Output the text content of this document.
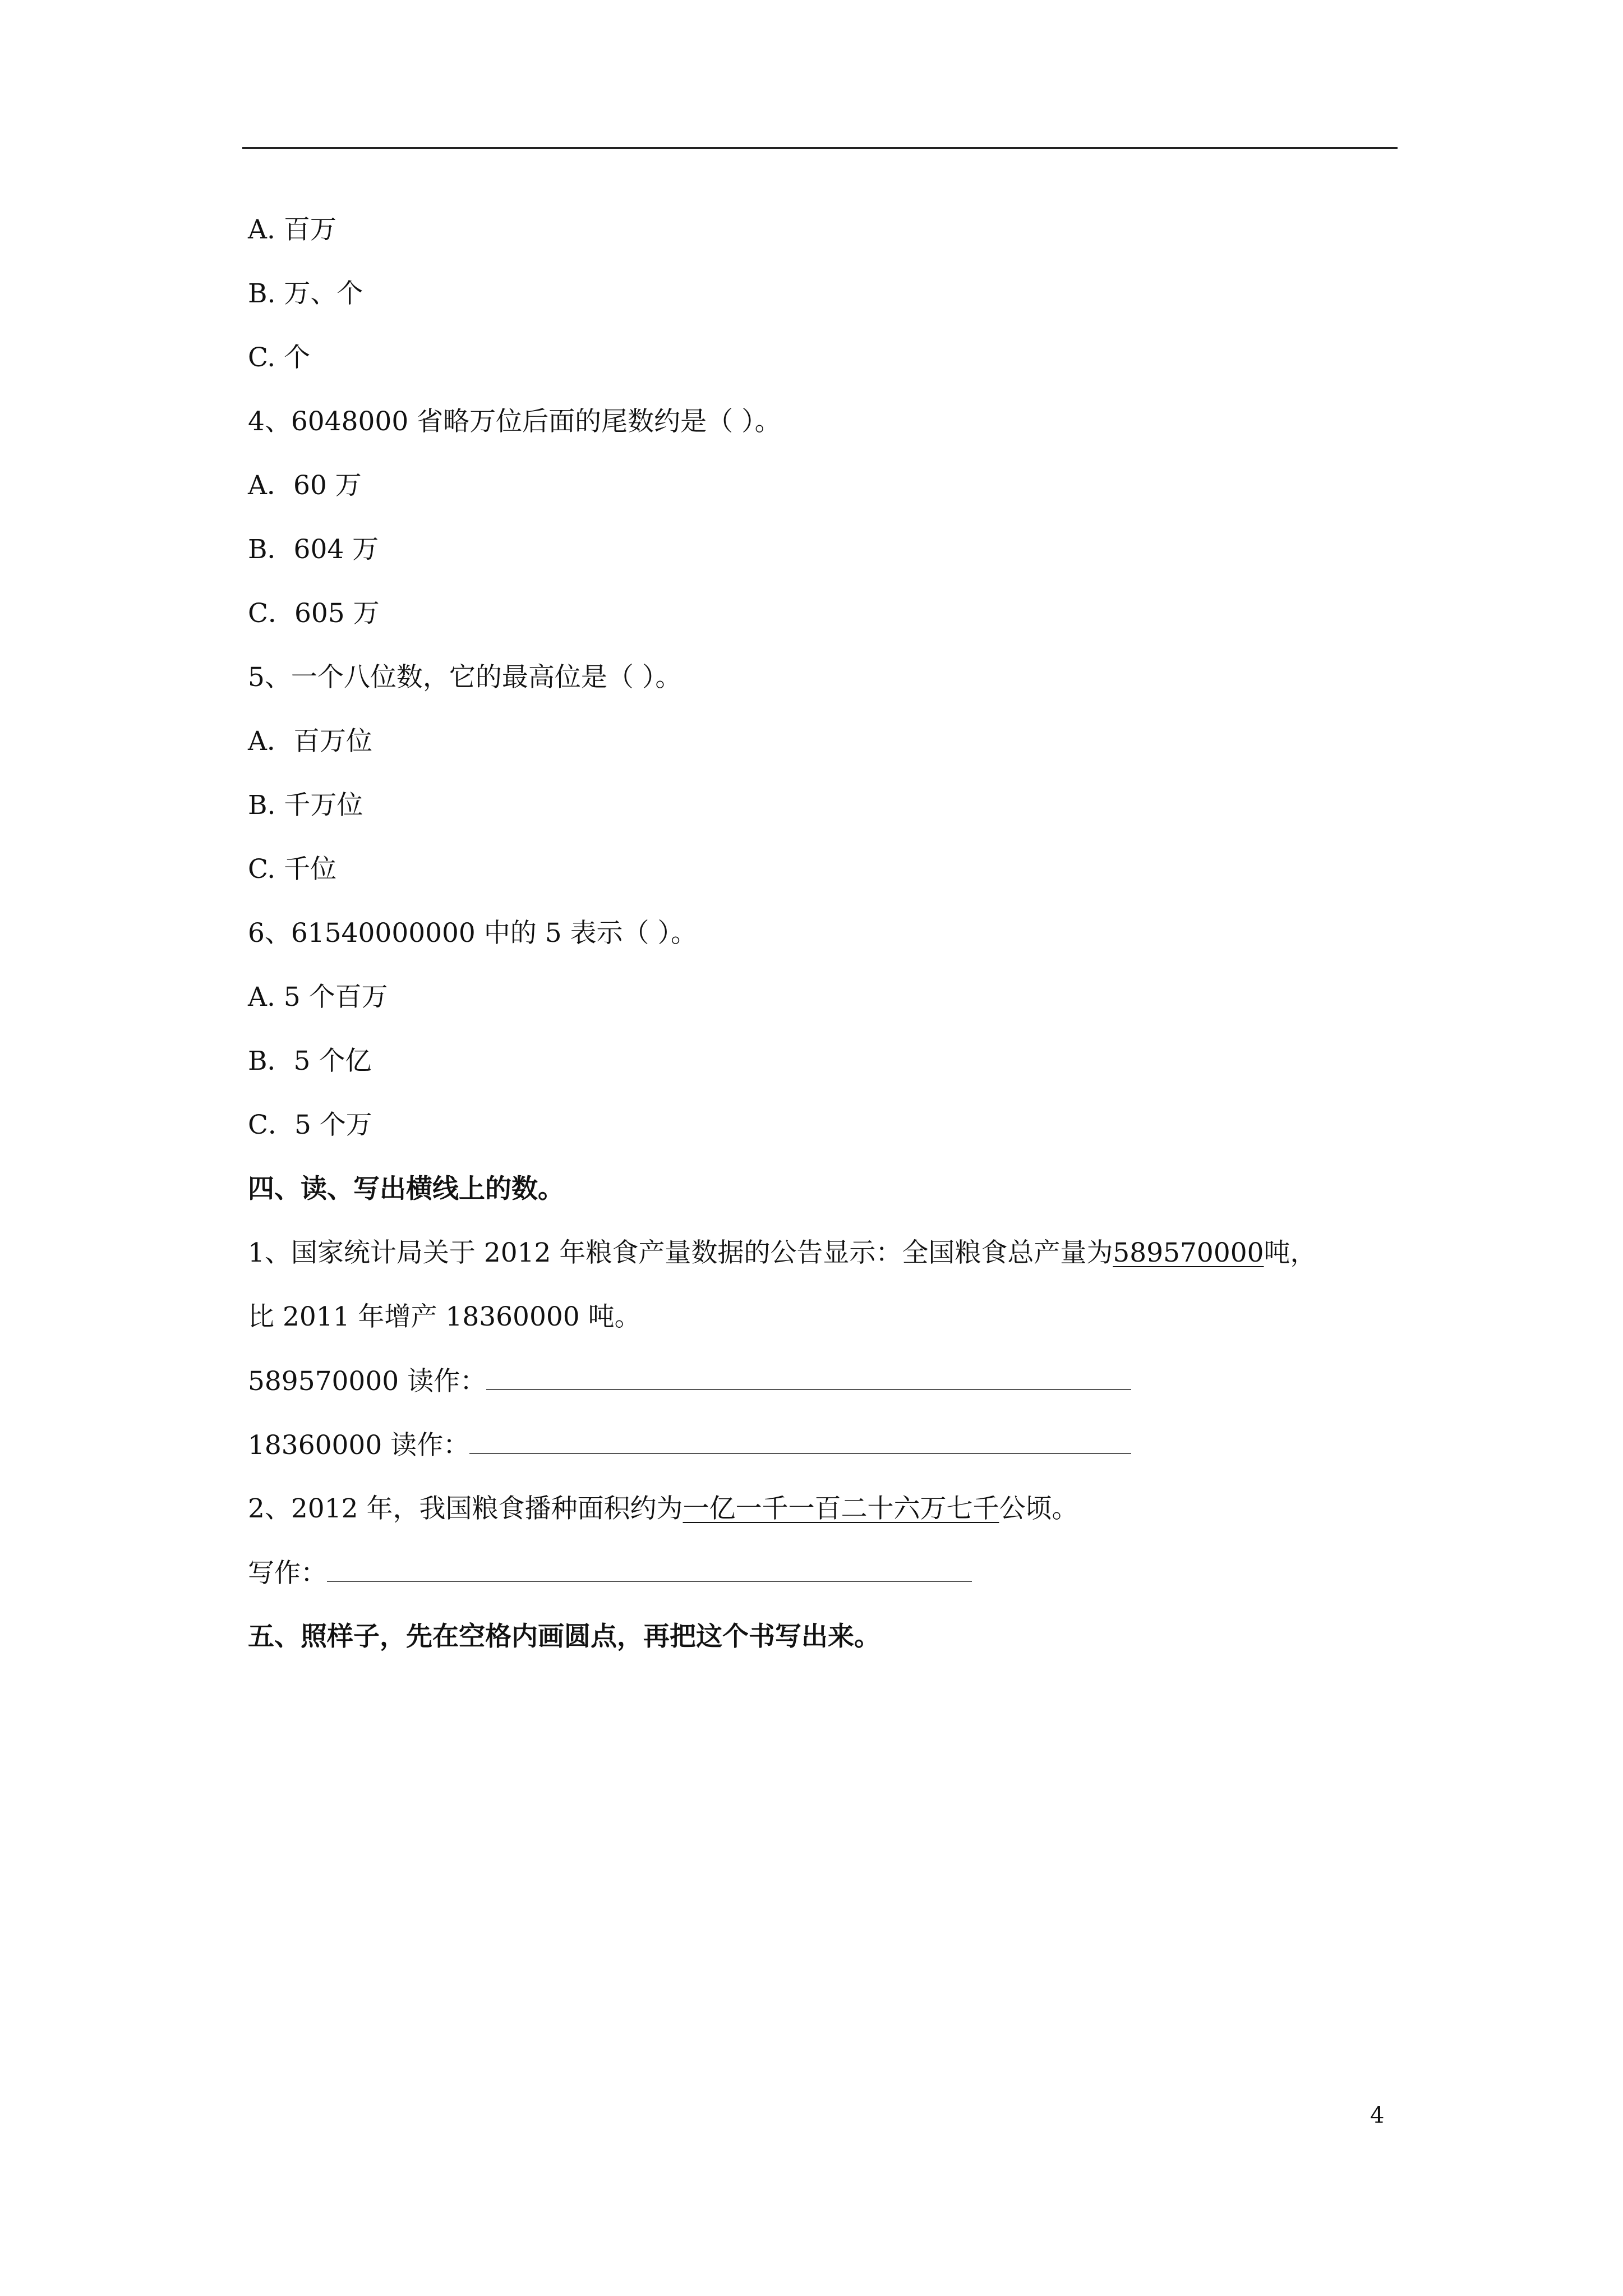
A. 百万
B. 万、个
C. 个
4、6048000 省略万位后面的尾数约是（ ）。
A．60 万
B．604 万
C．605 万
5、一个八位数，它的最高位是（ ）。
A．百万位
B. 千万位
C. 千位
6、61540000000 中的 5 表示（ ）。
A. 5 个百万
B．5 个亿
C．5 个万
四、读、写出横线上的数。
1、国家统计局关于 2012 年粮食产量数据的公告显示：全国粮食总产量为589570000吨，
比 2011 年增产 18360000 吨。
589570000 读作：
18360000 读作：
2、2012 年，我国粮食播种面积约为一亿一千一百二十六万七千公顷。
写作：
五、照样子，先在空格内画圆点，再把这个书写出来。
4
